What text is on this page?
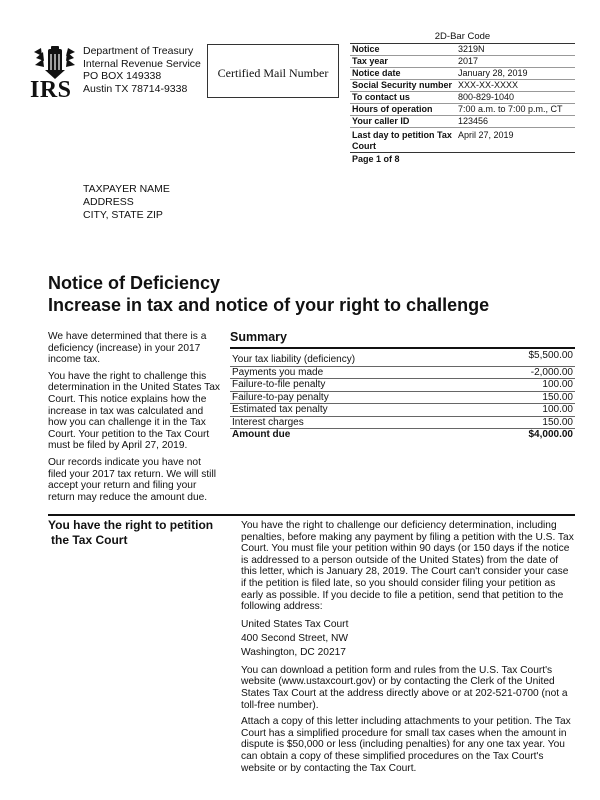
IRS
Department of Treasury
Internal Revenue Service
PO BOX 149338
Austin TX 78714-9338
Certified Mail Number
2D-Bar Code
Notice	3219N
Tax year	2017
Notice date	January 28, 2019
Social Security number	XXX-XX-XXXX
To contact us	800-829-1040
Hours of operation	7:00 a.m. to 7:00 p.m., CT
Your caller ID	123456
Last day to petition Tax Court	April 27, 2019
Page 1 of 8
TAXPAYER NAME
ADDRESS
CITY, STATE ZIP
Notice of Deficiency
Increase in tax and notice of your right to challenge

We have determined that there is a deficiency (increase) in your 2017 income tax.

You have the right to challenge this determination in the United States Tax Court. This notice explains how the increase in tax was calculated and how you can challenge it in the Tax Court. Your petition to the Tax Court must be filed by April 27, 2019.

Our records indicate you have not filed your 2017 tax return. We will still accept your return and filing your return may reduce the amount due.

Summary
Your tax liability (deficiency)	$5,500.00
Payments you made	-2,000.00
Failure-to-file penalty	100.00
Failure-to-pay penalty	150.00
Estimated tax penalty	100.00
Interest charges	150.00
Amount due	$4,000.00
You have the right to petition
the Tax Court

You have the right to challenge our deficiency determination, including penalties, before making any payment by filing a petition with the U.S. Tax Court. You must file your petition within 90 days (or 150 days if the notice is addressed to a person outside of the United States) from the date of this letter, which is January 28, 2019. The Court can't consider your case if the petition is filed late, so you should consider filing your petition as early as possible. If you decide to file a petition, send that petition to the following address:

United States Tax Court
400 Second Street, NW
Washington, DC 20217

You can download a petition form and rules from the U.S. Tax Court's website (www.ustaxcourt.gov) or by contacting the Clerk of the United States Tax Court at the address directly above or at 202-521-0700 (not a toll-free number).

Attach a copy of this letter including attachments to your petition. The Tax Court has a simplified procedure for small tax cases when the amount in dispute is $50,000 or less (including penalties) for any one tax year. You can obtain a copy of these simplified procedures on the Tax Court's website or by contacting the Tax Court.
